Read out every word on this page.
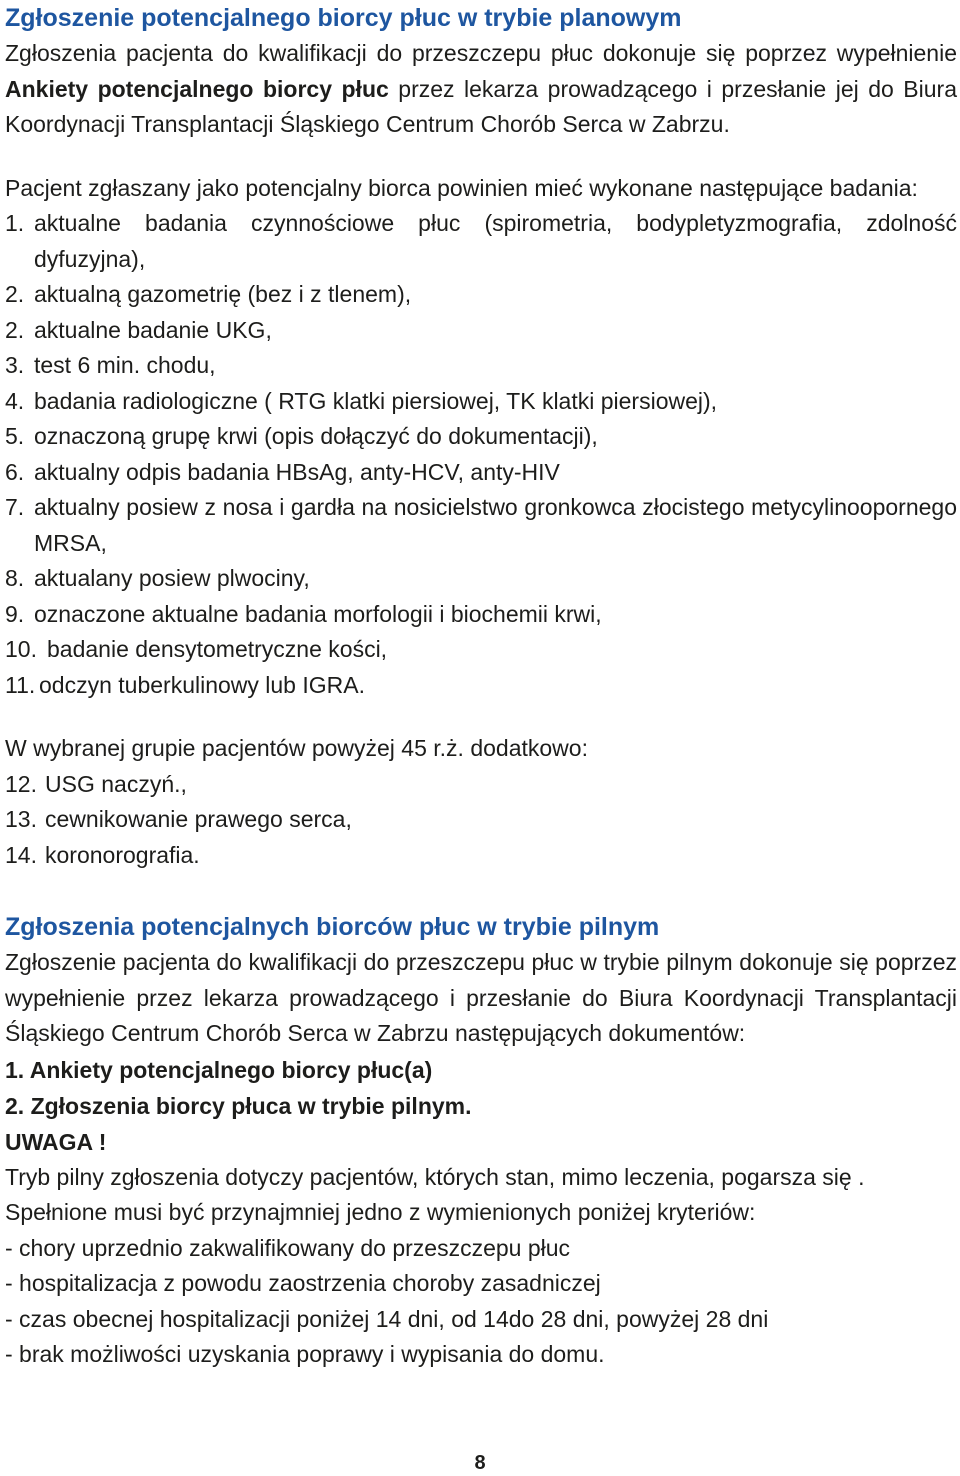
Zgłoszenie potencjalnego biorcy płuc w trybie planowym

Zgłoszenia pacjenta do kwalifikacji do przeszczepu płuc dokonuje się poprzez wypełnienie Ankiety potencjalnego biorcy płuc przez lekarza prowadzącego i przesłanie jej do Biura Koordynacji Transplantacji Śląskiego Centrum Chorób Serca w Zabrzu.

Pacjent zgłaszany jako potencjalny biorca powinien mieć wykonane następujące badania:

1. aktualne badania czynnościowe płuc (spirometria, bodypletyzmografia, zdolność dyfuzyjna),
2. aktualną gazometrię (bez i z tlenem),
2. aktualne badanie UKG,
3. test 6 min. chodu,
4. badania radiologiczne ( RTG klatki piersiowej, TK klatki piersiowej),
5. oznaczoną grupę krwi (opis dołączyć do dokumentacji),
6. aktualny odpis badania HBsAg, anty-HCV, anty-HIV
7. aktualny posiew z nosa i gardła na nosicielstwo gronkowca złocistego metycylinoopornego MRSA,
8. aktualany posiew plwociny,
9. oznaczone aktualne badania morfologii i biochemii krwi,
10. badanie densytometryczne kości,
11. odczyn tuberkulinowy lub IGRA.

W wybranej grupie pacjentów powyżej 45 r.ż. dodatkowo:

12. USG naczyń.,
13. cewnikowanie prawego serca,
14. koronorografia.
Zgłoszenia potencjalnych biorców płuc w trybie pilnym

Zgłoszenie pacjenta do kwalifikacji do przeszczepu płuc w trybie pilnym dokonuje się poprzez wypełnienie przez lekarza prowadzącego i przesłanie do Biura Koordynacji Transplantacji Śląskiego Centrum Chorób Serca w Zabrzu następujących dokumentów:

1. Ankiety potencjalnego biorcy płuc(a)

2. Zgłoszenia biorcy płuca w trybie pilnym.

UWAGA !

Tryb pilny zgłoszenia dotyczy pacjentów, których stan, mimo leczenia, pogarsza się .

Spełnione musi być przynajmniej jedno z wymienionych poniżej kryteriów:

- chory uprzednio zakwalifikowany do przeszczepu płuc

- hospitalizacja z powodu zaostrzenia choroby zasadniczej

- czas obecnej hospitalizacji poniżej 14 dni, od 14do 28 dni, powyżej 28 dni

- brak możliwości uzyskania poprawy i wypisania do domu.

8
